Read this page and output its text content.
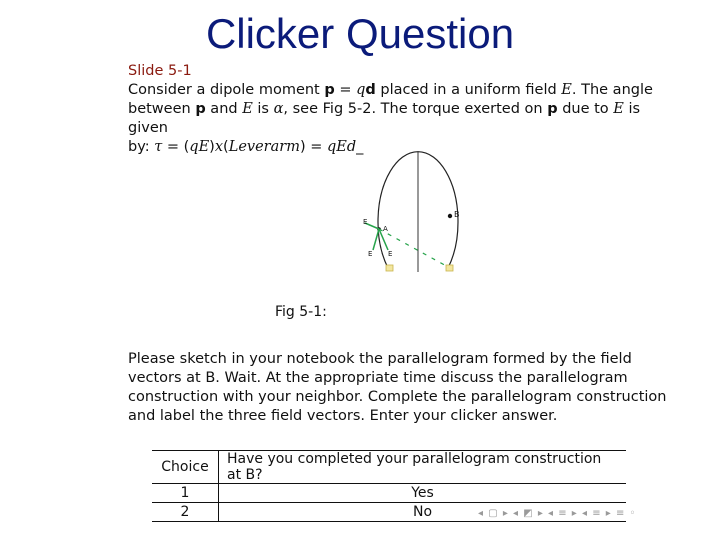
Clicker Question
Slide 5-1

Consider a dipole moment p = qd placed in a uniform field E. The angle

between p and E is α, see Fig 5-2. The torque exerted on p due to E is given

by: τ = (qE)x(Leverarm) = qEd_

B
A
E
E E
Fig 5-1:
Please sketch in your notebook the parallelogram formed by the field vectors at B. Wait. At the appropriate time discuss the parallelogram construction with your neighbor. Complete the parallelogram construction and label the three field vectors. Enter your clicker answer.
Choice	Have you completed your parallelogram construction at B?
1	Yes
2	No	◂ ▢ ▸ ◂ ◩ ▸ ◂ ≡ ▸ ◂ ≡ ▸ ≡ ◦
